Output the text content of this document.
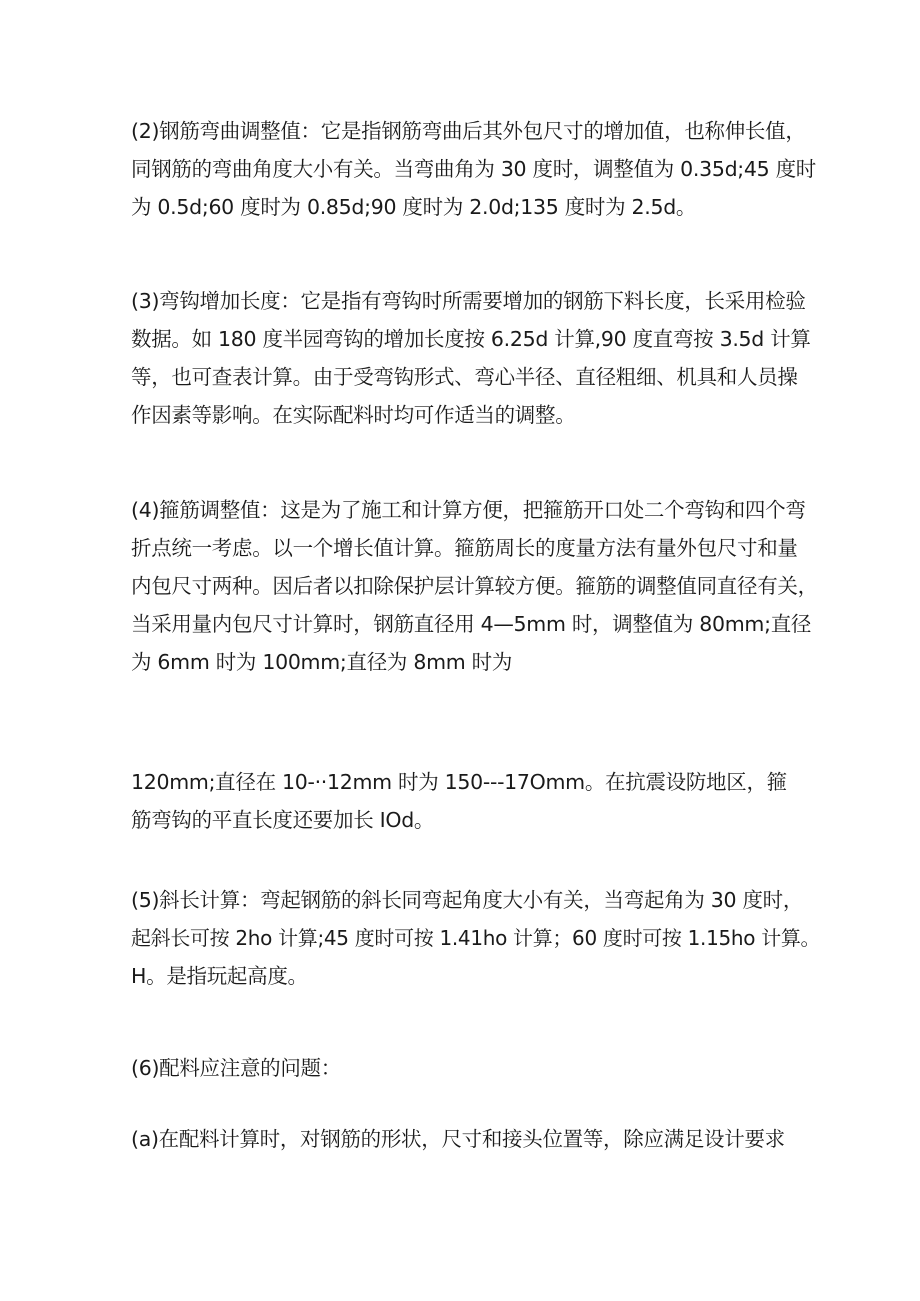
(2)钢筋弯曲调整值：它是指钢筋弯曲后其外包尺寸的增加值，也称伸长值，
同钢筋的弯曲角度大小有关。当弯曲角为 30 度时，调整值为 0.35d;45 度时
为 0.5d;60 度时为 0.85d;90 度时为 2.0d;135 度时为 2.5d。
(3)弯钩增加长度：它是指有弯钩时所需要增加的钢筋下料长度，长采用检验
数据。如 180 度半园弯钩的增加长度按 6.25d 计算,90 度直弯按 3.5d 计算
等，也可查表计算。由于受弯钩形式、弯心半径、直径粗细、机具和人员操
作因素等影响。在实际配料时均可作适当的调整。
(4)箍筋调整值：这是为了施工和计算方便，把箍筋开口处二个弯钩和四个弯
折点统一考虑。以一个增长值计算。箍筋周长的度量方法有量外包尺寸和量
内包尺寸两种。因后者以扣除保护层计算较方便。箍筋的调整值同直径有关，
当采用量内包尺寸计算时，钢筋直径用 4—5mm 时，调整值为 80mm;直径
为 6mm 时为 100mm;直径为 8mm 时为
120mm;直径在 10-··12mm 时为 150---17Omm。在抗震设防地区，箍
筋弯钩的平直长度还要加长 IOd。
(5)斜长计算：弯起钢筋的斜长同弯起角度大小有关，当弯起角为 30 度时，
起斜长可按 2ho 计算;45 度时可按 1.41ho 计算；60 度时可按 1.15ho 计算。
H。是指玩起高度。
(6)配料应注意的问题：
(a)在配料计算时，对钢筋的形状，尺寸和接头位置等，除应满足设计要求
